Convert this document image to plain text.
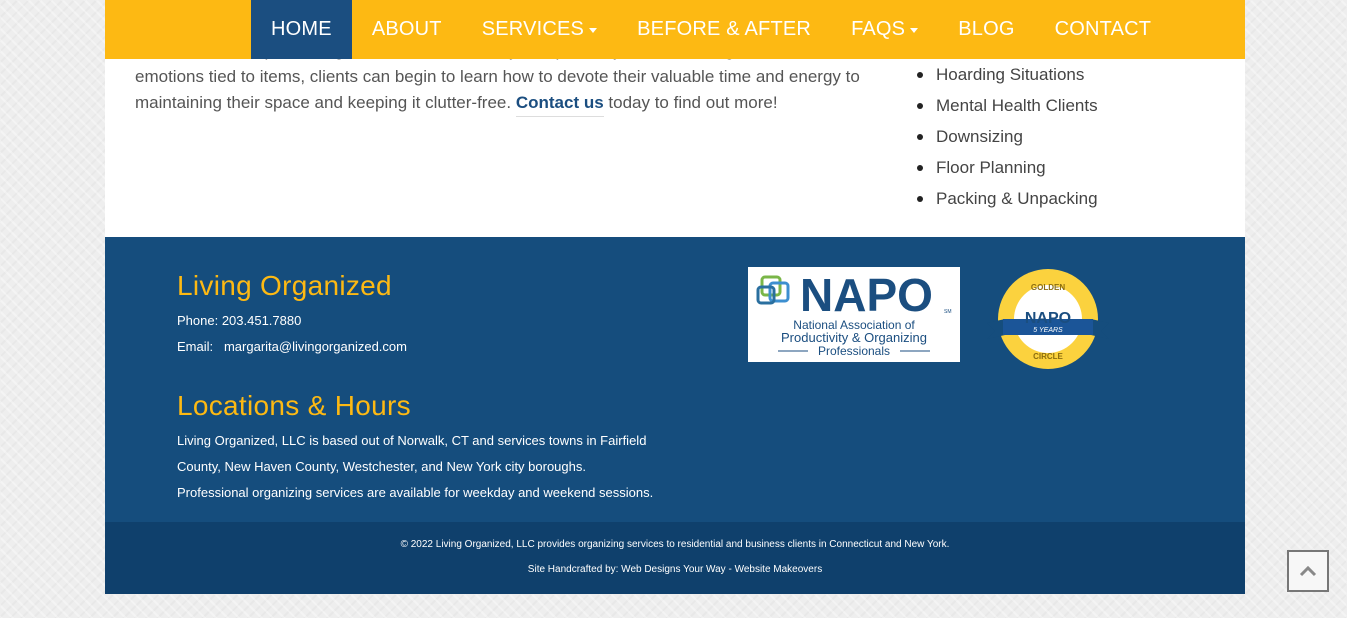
emotions tied to items, clients can begin to learn how to devote their valuable time and energy to
maintaining their space and keeping it clutter-free. Contact us today to find out more!
Hoarding Situations
Mental Health Clients
Downsizing
Floor Planning
Packing & Unpacking
HOME ABOUT SERVICES	BEFORE & AFTER FAQS	BLOG CONTACT
Living Organized
Phone: 203.451.7880
Email: margarita@livingorganized.com
Locations & Hours
Living Organized, LLC is based out of Norwalk, CT and services towns in Fairfield
County, New Haven County, Westchester, and New York city boroughs.
Professional organizing services are available for weekday and weekend sessions.
NAPO SM
National Association of
Productivity & Organizing
Professionals
GOLDEN
NAPO
5 YEARS
CIRCLE
© 2022 Living Organized, LLC provides organizing services to residential and business clients in Connecticut and New York.
Site Handcrafted by: Web Designs Your Way - Website Makeovers
